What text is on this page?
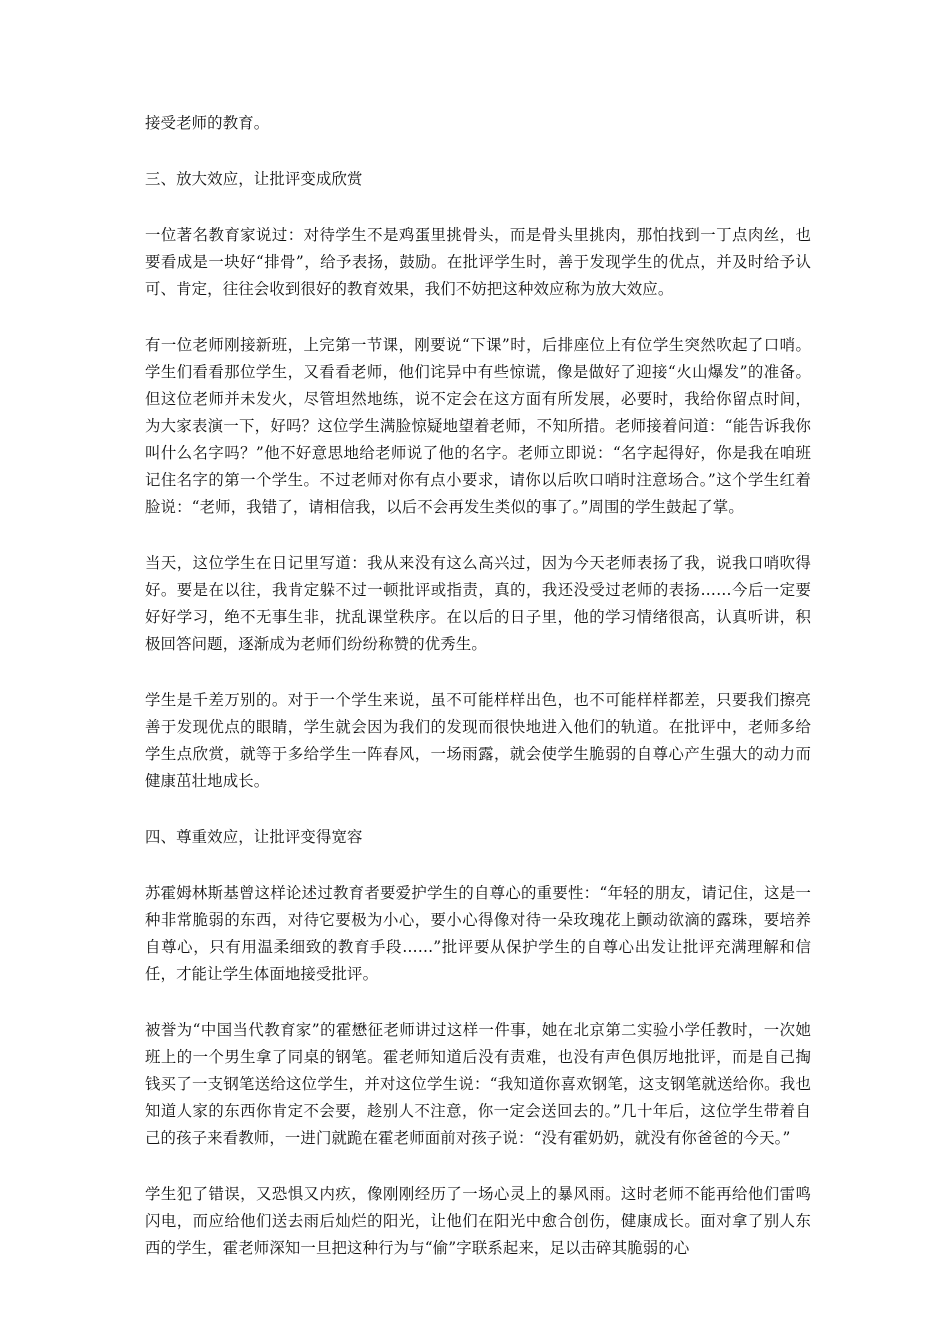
接受老师的教育。

三、放大效应，让批评变成欣赏

一位著名教育家说过：对待学生不是鸡蛋里挑骨头，而是骨头里挑肉，那怕找到一丁点肉丝，也要看成是一块好“排骨”，给予表扬，鼓励。在批评学生时，善于发现学生的优点，并及时给予认可、肯定，往往会收到很好的教育效果，我们不妨把这种效应称为放大效应。

有一位老师刚接新班，上完第一节课，刚要说“下课”时，后排座位上有位学生突然吹起了口哨。学生们看看那位学生，又看看老师，他们诧异中有些惊谎，像是做好了迎接“火山爆发”的准备。但这位老师并未发火，尽管坦然地练，说不定会在这方面有所发展，必要时，我给你留点时间，为大家表演一下，好吗？这位学生满脸惊疑地望着老师，不知所措。老师接着问道：“能告诉我你叫什么名字吗？”他不好意思地给老师说了他的名字。老师立即说：“名字起得好，你是我在咱班记住名字的第一个学生。不过老师对你有点小要求，请你以后吹口哨时注意场合。”这个学生红着脸说：“老师，我错了，请相信我，以后不会再发生类似的事了。”周围的学生鼓起了掌。

当天，这位学生在日记里写道：我从来没有这么高兴过，因为今天老师表扬了我，说我口哨吹得好。要是在以往，我肯定躲不过一顿批评或指责，真的，我还没受过老师的表扬……今后一定要好好学习，绝不无事生非，扰乱课堂秩序。在以后的日子里，他的学习情绪很高，认真听讲，积极回答问题，逐渐成为老师们纷纷称赞的优秀生。

学生是千差万别的。对于一个学生来说，虽不可能样样出色，也不可能样样都差，只要我们擦亮善于发现优点的眼睛，学生就会因为我们的发现而很快地进入他们的轨道。在批评中，老师多给学生点欣赏，就等于多给学生一阵春风，一场雨露，就会使学生脆弱的自尊心产生强大的动力而健康茁壮地成长。

四、尊重效应，让批评变得宽容

苏霍姆林斯基曾这样论述过教育者要爱护学生的自尊心的重要性：“年轻的朋友，请记住，这是一种非常脆弱的东西，对待它要极为小心，要小心得像对待一朵玫瑰花上颤动欲滴的露珠，要培养自尊心，只有用温柔细致的教育手段……”批评要从保护学生的自尊心出发让批评充满理解和信任，才能让学生体面地接受批评。

被誉为“中国当代教育家”的霍懋征老师讲过这样一件事，她在北京第二实验小学任教时，一次她班上的一个男生拿了同桌的钢笔。霍老师知道后没有责难，也没有声色俱厉地批评，而是自己掏钱买了一支钢笔送给这位学生，并对这位学生说：“我知道你喜欢钢笔，这支钢笔就送给你。我也知道人家的东西你肯定不会要，趁别人不注意，你一定会送回去的。”几十年后，这位学生带着自己的孩子来看教师，一进门就跪在霍老师面前对孩子说：“没有霍奶奶，就没有你爸爸的今天。”

学生犯了错误，又恐惧又内疚，像刚刚经历了一场心灵上的暴风雨。这时老师不能再给他们雷鸣闪电，而应给他们送去雨后灿烂的阳光，让他们在阳光中愈合创伤，健康成长。面对拿了别人东西的学生，霍老师深知一旦把这种行为与“偷”字联系起来，足以击碎其脆弱的心
